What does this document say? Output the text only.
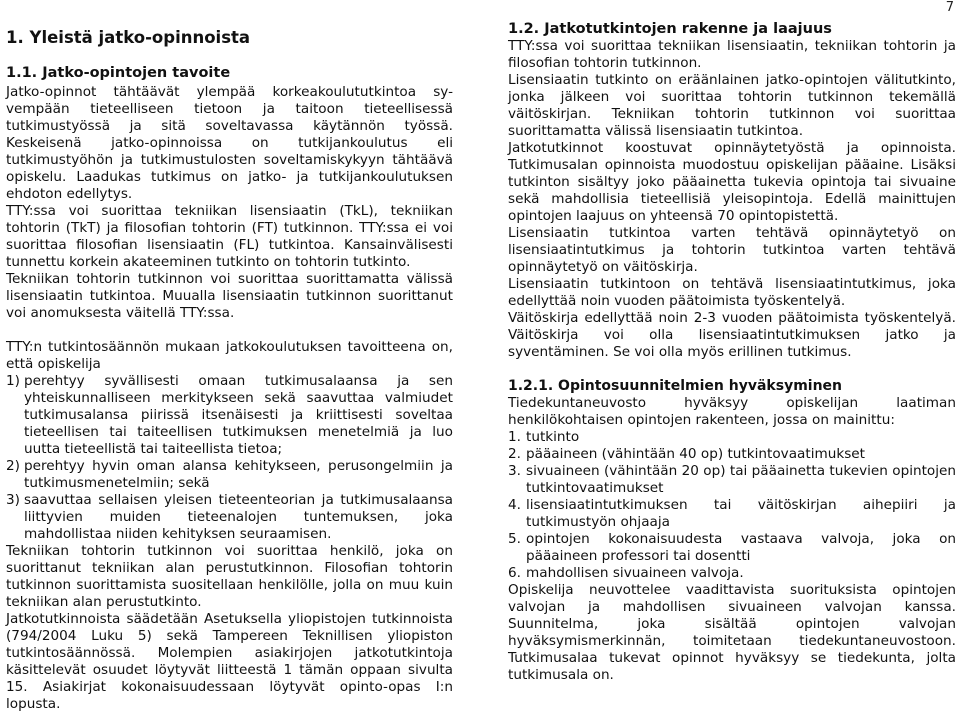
7
1. Yleistä jatko-opinnoista
1.1. Jatko-opintojen tavoite

Jatko-opinnot tähtäävät ylempää korkeakoulututkintoa sy-vempään tieteelliseen tietoon ja taitoon tieteellisessä tutkimustyössä ja sitä soveltavassa käytännön työssä. Keskeisenä jatko-opinnoissa on tutkijankoulutus eli tutkimustyöhön ja tutkimustulosten soveltamiskykyyn tähtäävä opiskelu. Laadukas tutkimus on jatko- ja tutkijankoulutuksen ehdoton edellytys.

TTY:ssa voi suorittaa tekniikan lisensiaatin (TkL), tekniikan tohtorin (TkT) ja filosofian tohtorin (FT) tutkinnon. TTY:ssa ei voi suorittaa filosofian lisensiaatin (FL) tutkintoa. Kansainvälisesti tunnettu korkein akateeminen tutkinto on tohtorin tutkinto.

Tekniikan tohtorin tutkinnon voi suorittaa suorittamatta välissä lisensiaatin tutkintoa. Muualla lisensiaatin tutkinnon suorittanut voi anomuksesta väitellä TTY:ssa.

TTY:n tutkintosäännön mukaan jatkokoulutuksen tavoitteena on, että opiskelija

1) perehtyy syvällisesti omaan tutkimusalaansa ja sen yhteiskunnalliseen merkitykseen sekä saavuttaa valmiudet tutkimusalansa piirissä itsenäisesti ja kriittisesti soveltaa tieteellisen tai taiteellisen tutkimuksen menetelmiä ja luo uutta tieteellistä tai taiteellista tietoa;
2) perehtyy hyvin oman alansa kehitykseen, perusongelmiin ja tutkimusmenetelmiin; sekä
3) saavuttaa sellaisen yleisen tieteenteorian ja tutkimusalaansa liittyvien muiden tieteenalojen tuntemuksen, joka mahdollistaa niiden kehityksen seuraamisen.

Tekniikan tohtorin tutkinnon voi suorittaa henkilö, joka on suorittanut tekniikan alan perustutkinnon. Filosofian tohtorin tutkinnon suorittamista suositellaan henkilölle, jolla on muu kuin tekniikan alan perustutkinto.

Jatkotutkinnoista säädetään Asetuksella yliopistojen tutkinnoista (794/2004 Luku 5) sekä Tampereen Teknillisen yliopiston tutkintosäännössä. Molempien asiakirjojen jatkotutkintoja käsittelevät osuudet löytyvät liitteestä 1 tämän oppaan sivulta 15. Asiakirjat kokonaisuudessaan löytyvät opinto-opas I:n lopusta.

1.2. Jatkotutkintojen rakenne ja laajuus

TTY:ssa voi suorittaa tekniikan lisensiaatin, tekniikan tohtorin ja filosofian tohtorin tutkinnon.

Lisensiaatin tutkinto on eräänlainen jatko-opintojen välitutkinto, jonka jälkeen voi suorittaa tohtorin tutkinnon tekemällä väitöskirjan. Tekniikan tohtorin tutkinnon voi suorittaa suorittamatta välissä lisensiaatin tutkintoa.

Jatkotutkinnot koostuvat opinnäytetyöstä ja opinnoista. Tutkimusalan opinnoista muodostuu opiskelijan pääaine. Lisäksi tutkinton sisältyy joko pääainetta tukevia opintoja tai sivuaine sekä mahdollisia tieteellisiä yleisopintoja. Edellä mainittujen opintojen laajuus on yhteensä 70 opintopistettä.

Lisensiaatin tutkintoa varten tehtävä opinnäytetyö on lisensiaatintutkimus ja tohtorin tutkintoa varten tehtävä opinnäytetyö on väitöskirja.

Lisensiaatin tutkintoon on tehtävä lisensiaatintutkimus, joka edellyttää noin vuoden päätoimista työskentelyä.

Väitöskirja edellyttää noin 2-3 vuoden päätoimista työskentelyä. Väitöskirja voi olla lisensiaatintutkimuksen jatko ja syventäminen. Se voi olla myös erillinen tutkimus.

1.2.1. Opintosuunnitelmien hyväksyminen

Tiedekuntaneuvosto hyväksyy opiskelijan laatiman henkilökohtaisen opintojen rakenteen, jossa on mainittu:

1. tutkinto
2. pääaineen (vähintään 40 op) tutkintovaatimukset
3. sivuaineen (vähintään 20 op) tai pääainetta tukevien opintojen tutkintovaatimukset
4. lisensiaatintutkimuksen tai väitöskirjan aihepiiri ja tutkimustyön ohjaaja
5. opintojen kokonaisuudesta vastaava valvoja, joka on pääaineen professori tai dosentti
6. mahdollisen sivuaineen valvoja.

Opiskelija neuvottelee vaadittavista suorituksista opintojen valvojan ja mahdollisen sivuaineen valvojan kanssa. Suunnitelma, joka sisältää opintojen valvojan hyväksymismerkinnän, toimitetaan tiedekuntaneuvostoon. Tutkimusalaa tukevat opinnot hyväksyy se tiedekunta, jolta tutkimusala on.
